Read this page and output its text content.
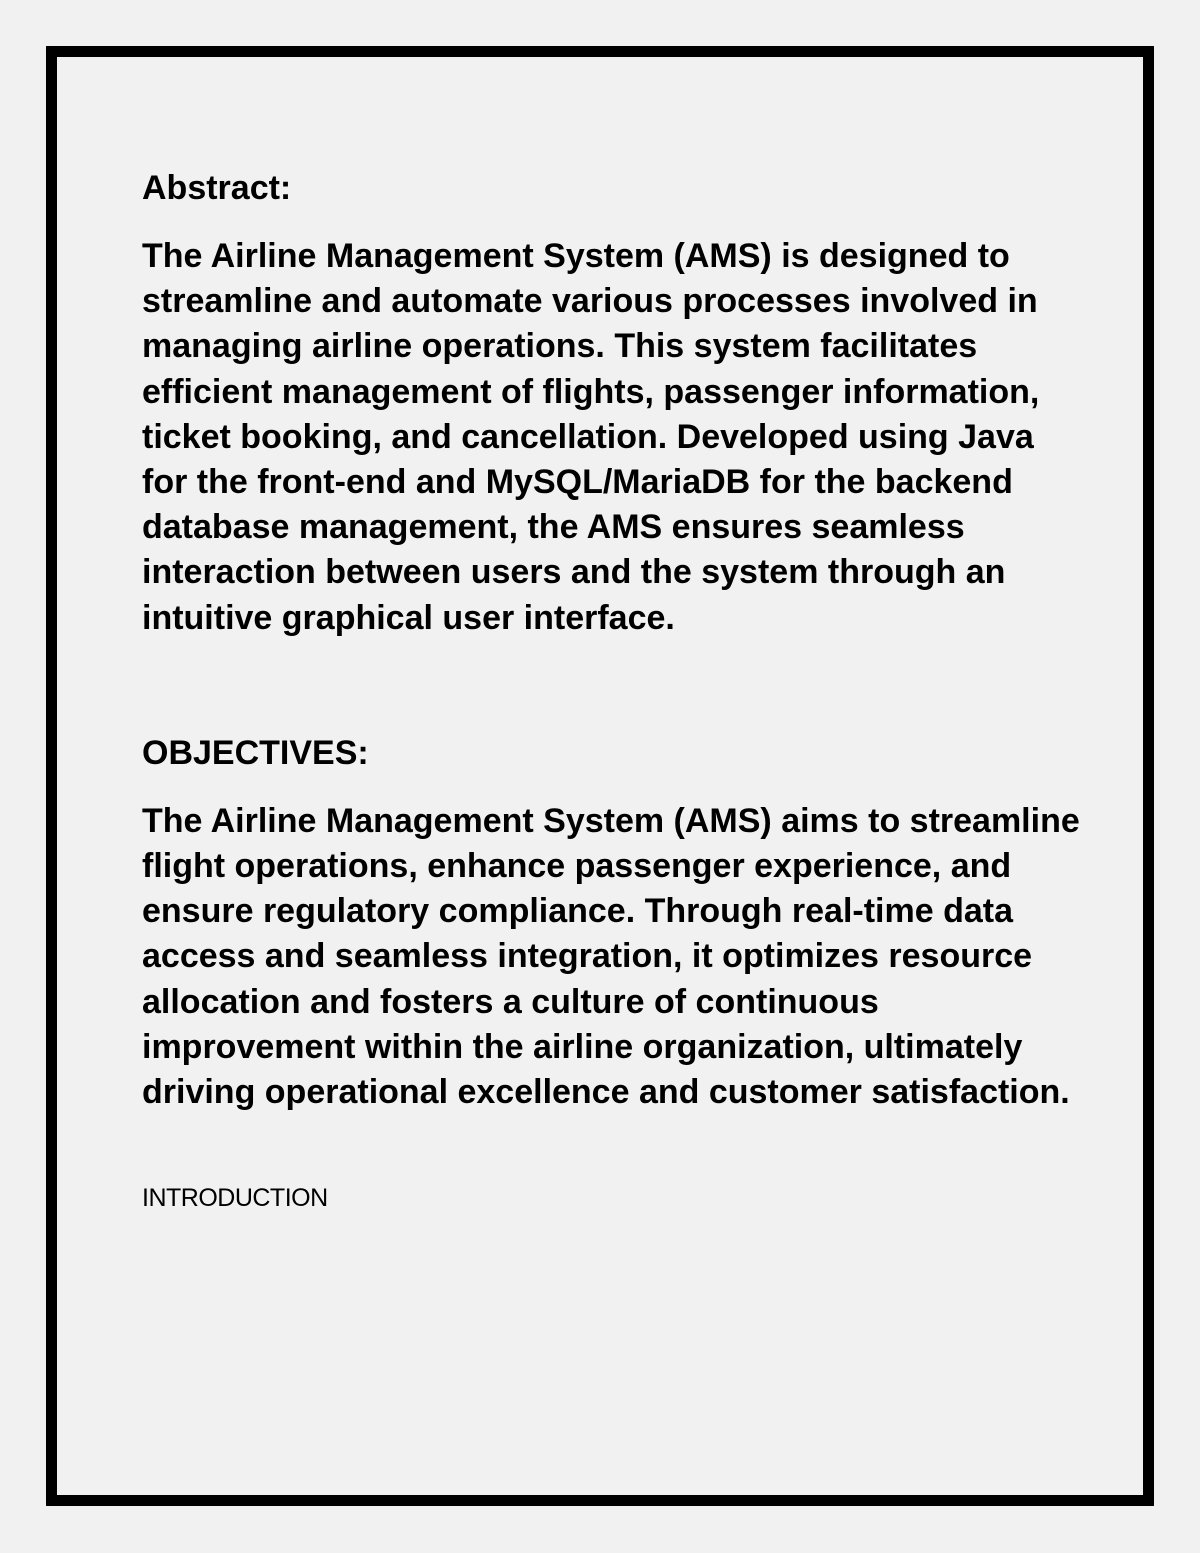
Abstract:

The Airline Management System (AMS) is designed to streamline and automate various processes involved in managing airline operations. This system facilitates efficient management of flights, passenger information, ticket booking, and cancellation. Developed using Java for the front-end and MySQL/MariaDB for the backend database management, the AMS ensures seamless interaction between users and the system through an intuitive graphical user interface.

OBJECTIVES:

The Airline Management System (AMS) aims to streamline flight operations, enhance passenger experience, and ensure regulatory compliance. Through real-time data access and seamless integration, it optimizes resource allocation and fosters a culture of continuous improvement within the airline organization, ultimately driving operational excellence and customer satisfaction.

INTRODUCTION
